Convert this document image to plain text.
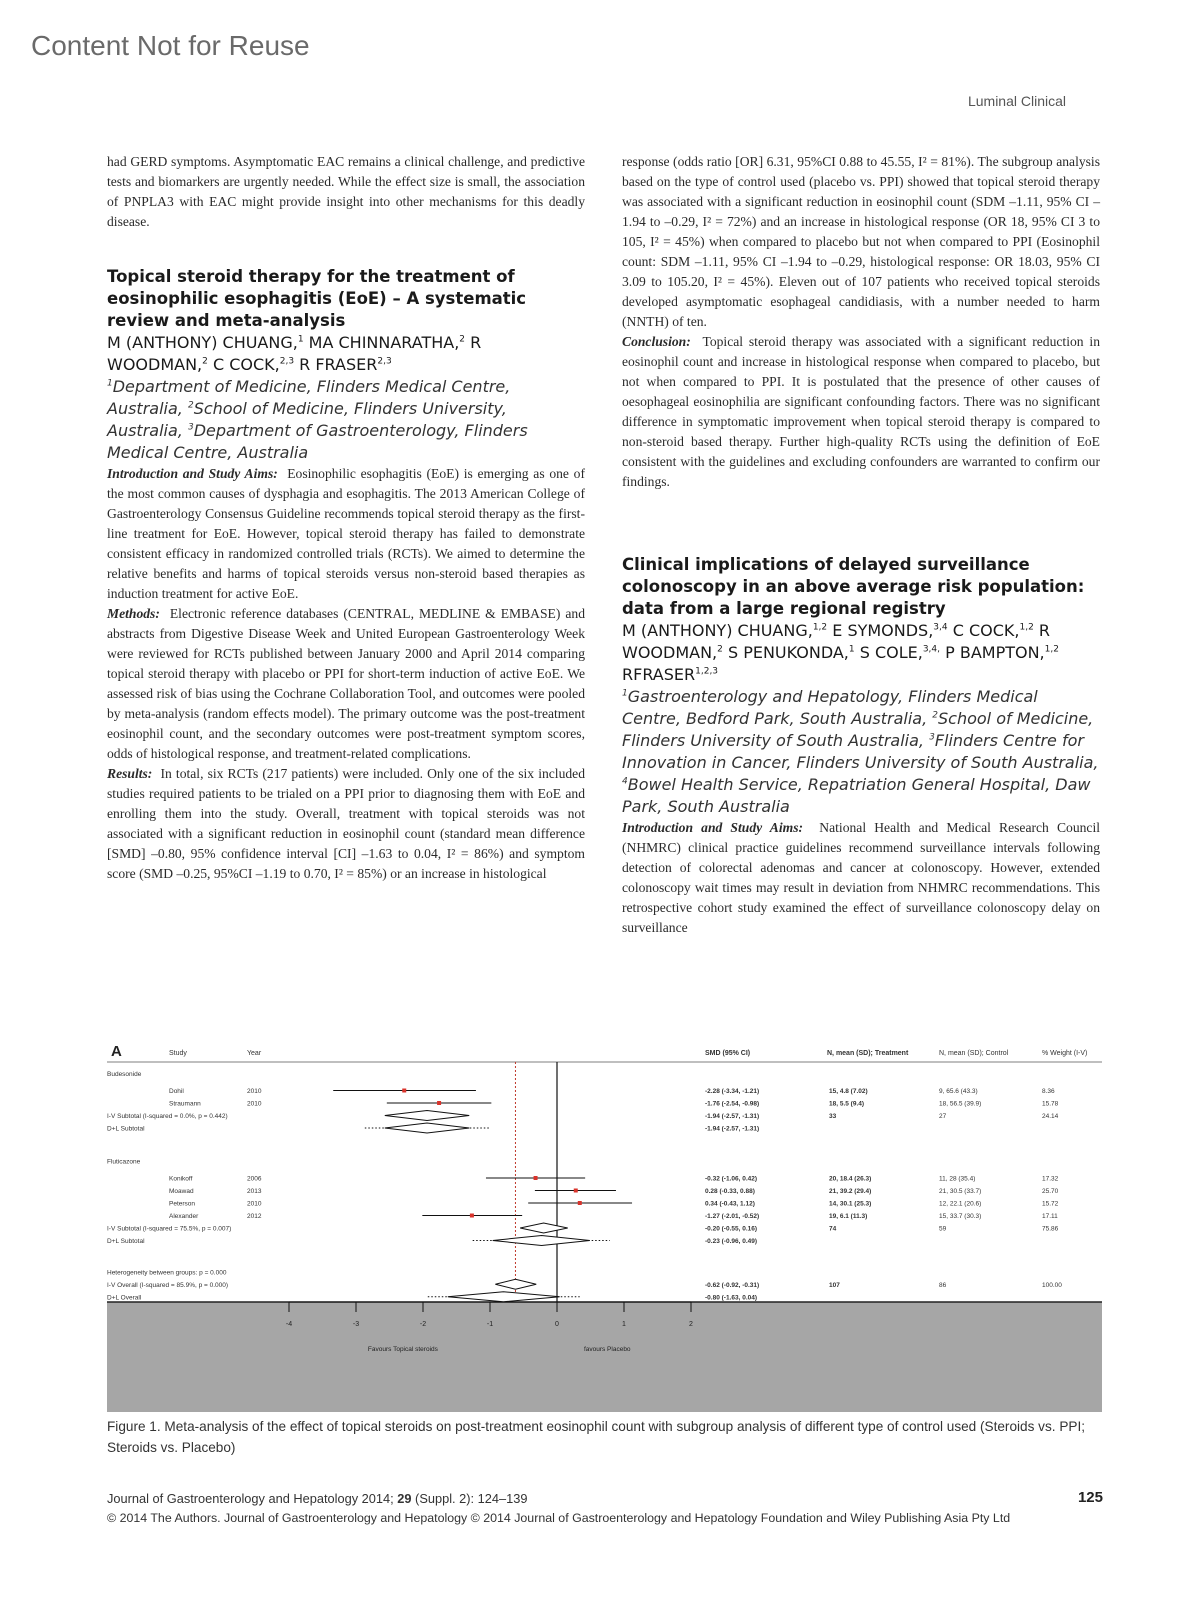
Content Not for Reuse
Luminal Clinical

had GERD symptoms. Asymptomatic EAC remains a clinical challenge, and predictive tests and biomarkers are urgently needed. While the effect size is small, the association of PNPLA3 with EAC might provide insight into other mechanisms for this deadly disease.

Topical steroid therapy for the treatment of eosinophilic esophagitis (EoE) – A systematic review and meta-analysis

M (ANTHONY) CHUANG,$^1$ MA CHINNARATHA,$^2$ R WOODMAN,$^2$ C COCK,$^{2,3}$ R FRASER$^{2,3}$

$^1$Department of Medicine, Flinders Medical Centre, Australia, $^2$School of Medicine, Flinders University, Australia, $^3$Department of Gastroenterology, Flinders Medical Centre, Australia

Introduction and Study Aims:  Eosinophilic esophagitis (EoE) is emerging as one of the most common causes of dysphagia and esophagitis. The 2013 American College of Gastroenterology Consensus Guideline recommends topical steroid therapy as the first-line treatment for EoE. However, topical steroid therapy has failed to demonstrate consistent efficacy in randomized controlled trials (RCTs). We aimed to determine the relative benefits and harms of topical steroids versus non-steroid based therapies as induction treatment for active EoE.

Methods:  Electronic reference databases (CENTRAL, MEDLINE & EMBASE) and abstracts from Digestive Disease Week and United European Gastroenterology Week were reviewed for RCTs published between January 2000 and April 2014 comparing topical steroid therapy with placebo or PPI for short-term induction of active EoE. We assessed risk of bias using the Cochrane Collaboration Tool, and outcomes were pooled by meta-analysis (random effects model). The primary outcome was the post-treatment eosinophil count, and the secondary outcomes were post-treatment symptom scores, odds of histological response, and treatment-related complications.

Results:  In total, six RCTs (217 patients) were included. Only one of the six included studies required patients to be trialed on a PPI prior to diagnosing them with EoE and enrolling them into the study. Overall, treatment with topical steroids was not associated with a significant reduction in eosinophil count (standard mean difference [SMD] –0.80, 95% confidence interval [CI] –1.63 to 0.04, I² = 86%) and symptom score (SMD –0.25, 95%CI –1.19 to 0.70, I² = 85%) or an increase in histological

response (odds ratio [OR] 6.31, 95%CI 0.88 to 45.55, I² = 81%). The subgroup analysis based on the type of control used (placebo vs. PPI) showed that topical steroid therapy was associated with a significant reduction in eosinophil count (SDM –1.11, 95% CI –1.94 to –0.29, I² = 72%) and an increase in histological response (OR 18, 95% CI 3 to 105, I² = 45%) when compared to placebo but not when compared to PPI (Eosinophil count: SDM –1.11, 95% CI –1.94 to –0.29, histological response: OR 18.03, 95% CI 3.09 to 105.20, I² = 45%). Eleven out of 107 patients who received topical steroids developed asymptomatic esophageal candidiasis, with a number needed to harm (NNTH) of ten.

Conclusion: Topical steroid therapy was associated with a significant reduction in eosinophil count and increase in histological response when compared to placebo, but not when compared to PPI. It is postulated that the presence of other causes of oesophageal eosinophilia are significant confounding factors. There was no significant difference in symptomatic improvement when topical steroid therapy is compared to non-steroid based therapy. Further high-quality RCTs using the definition of EoE consistent with the guidelines and excluding confounders are warranted to confirm our findings.

Clinical implications of delayed surveillance colonoscopy in an above average risk population: data from a large regional registry

M (ANTHONY) CHUANG,$^{1,2}$ E SYMONDS,$^{3,4}$ C COCK,$^{1,2}$ R WOODMAN,$^2$ S PENUKONDA,$^1$ S COLE,$^{3,4,}$ P BAMPTON,$^{1,2}$ RFRASER$^{1,2,3}$

$^1$Gastroenterology and Hepatology, Flinders Medical Centre, Bedford Park, South Australia, $^2$School of Medicine, Flinders University of South Australia, $^3$Flinders Centre for Innovation in Cancer, Flinders University of South Australia, $^4$Bowel Health Service, Repatriation General Hospital, Daw Park, South Australia

Introduction and Study Aims: National Health and Medical Research Council (NHMRC) clinical practice guidelines recommend surveillance intervals following detection of colorectal adenomas and cancer at colonoscopy. However, extended colonoscopy wait times may result in deviation from NHMRC recommendations. This retrospective cohort study examined the effect of surveillance colonoscopy delay on surveillance

A	Study	Year	SMD (95% CI)	N, mean (SD); Treatment	N, mean (SD); Control	% Weight (I-V)
Budesonide
Dohil	2010	-2.28 (-3.34, -1.21)	15, 4.8 (7.02)	9, 65.6 (43.3)	8.36
Straumann	2010	-1.76 (-2.54, -0.98)	18, 5.5 (9.4)	18, 56.5 (39.9)	15.78
I-V Subtotal (I-squared = 0.0%, p = 0.442)	-1.94 (-2.57, -1.31)	33	27	24.14
D+L Subtotal	-1.94 (-2.57, -1.31)
Fluticazone
Konikoff	2006	-0.32 (-1.06, 0.42)	20, 18.4 (26.3)	11, 28 (35.4)	17.32
Moawad	2013	0.28 (-0.33, 0.88)	21, 39.2 (29.4)	21, 30.5 (33.7)	25.70
Peterson	2010	0.34 (-0.43, 1.12)	14, 30.1 (25.3)	12, 22.1 (20.6)	15.72
Alexander	2012	-1.27 (-2.01, -0.52)	19, 6.1 (11.3)	15, 33.7 (30.3)	17.11
I-V Subtotal (I-squared = 75.5%, p = 0.007)	-0.20 (-0.55, 0.16)	74	59	75.86
D+L Subtotal	-0.23 (-0.96, 0.49)
Heterogeneity between groups: p = 0.000
I-V Overall (I-squared = 85.9%, p = 0.000)	-0.62 (-0.92, -0.31)	107	86	100.00
D+L Overall	-0.80 (-1.63, 0.04)
-4	-3	-2	-1	0	1	2
Favours Topical steroids	favours Placebo
Figure 1. Meta-analysis of the effect of topical steroids on post-treatment eosinophil count with subgroup analysis of different type of control used (Steroids vs. PPI; Steroids vs. Placebo)
Journal of Gastroenterology and Hepatology 2014; 29 (Suppl. 2): 124–139	125
© 2014 The Authors. Journal of Gastroenterology and Hepatology © 2014 Journal of Gastroenterology and Hepatology Foundation and Wiley Publishing Asia Pty Ltd
